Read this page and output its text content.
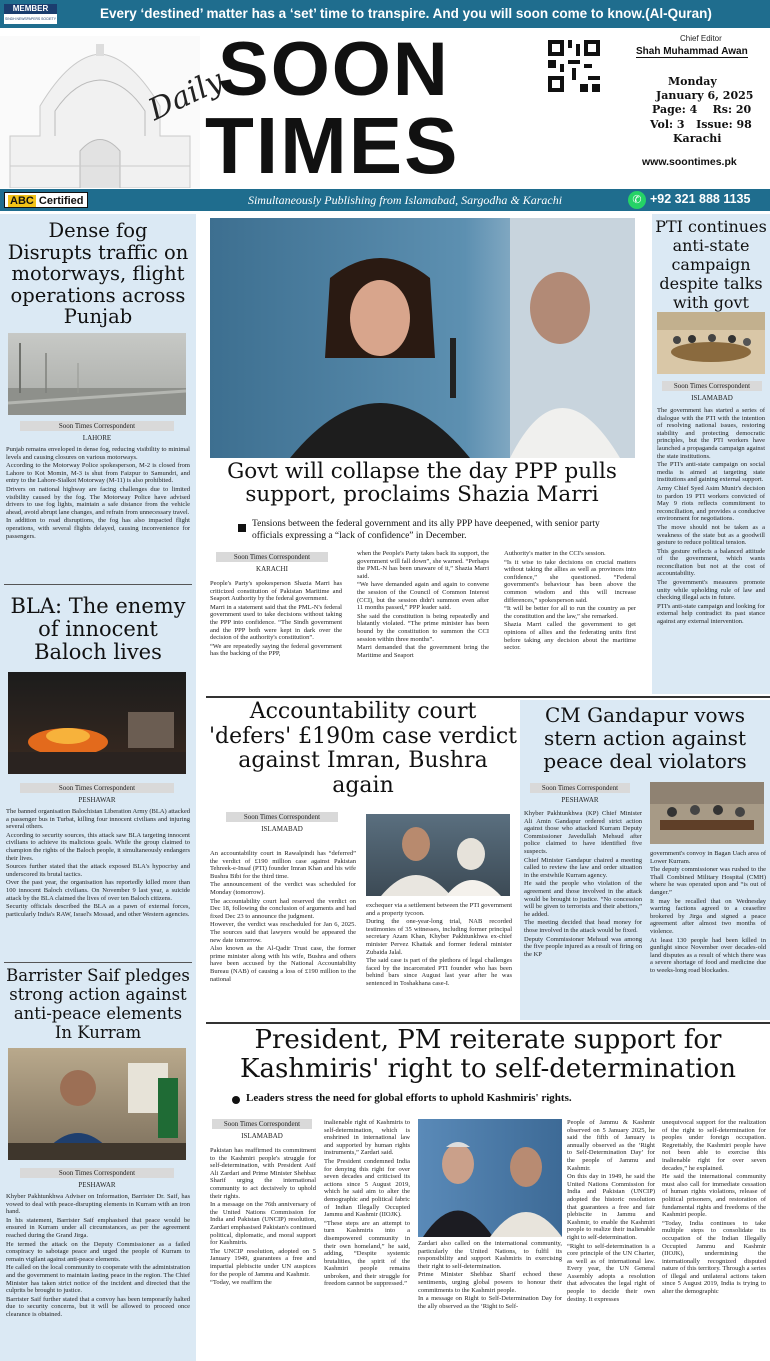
MEMBER
SINDH NEWSPAPERS SOCIETY	Every ‘destined’ matter has a ‘set’ time to transpire. And you will soon come to know.(Al-Quran)
Daily
SOON
TIMES
Chief Editor
Shah Muhammad Awan
Monday
January 6, 2025
Page: 4    Rs: 20
Vol: 3   Issue: 98
Karachi
www.soontimes.pk
ABC Certified	Simultaneously Publishing from Islamabad, Sargodha & Karachi	✆ +92 321 888 1135
Dense fog Disrupts traffic on motorways, flight operations across Punjab
Soon Times Correspondent
LAHORE

Punjab remains enveloped in dense fog, reducing visibility to minimal levels and causing closures on various motorways.

According to the Motorway Police spokesperson, M-2 is closed from Lahore to Kot Momin, M-3 is shut from Faizpur to Samundri, and entry to the Lahore-Sialkot Motorway (M-11) is also prohibited.

Drivers on national highway are facing challenges due to limited visibility caused by the fog. The Motorway Police have advised drivers to use fog lights, maintain a safe distance from the vehicle ahead, avoid abrupt lane changes, and refrain from unnecessary travel.

In addition to road disruptions, the fog has also impacted flight operations, with several flights delayed, causing inconvenience for passengers.

BLA: The enemy of innocent Baloch lives
Soon Times Correspondent
PESHAWAR

The banned organisation Balochistan Liberation Army (BLA) attacked a passenger bus in Turbat, killing four innocent civilians and injuring several others.

According to security sources, this attack saw BLA targeting innocent civilians to achieve its malicious goals. While the group claimed to champion the rights of the Baloch people, it simultaneously endangers their lives.

Sources further stated that the attack exposed BLA's hypocrisy and underscored its brutal tactics.

Over the past year, the organisation has reportedly killed more than 100 innocent Baloch civilians. On November 9 last year, a suicide attack by the BLA claimed the lives of over ten Baloch citizens.

Security officials described the BLA as a pawn of external forces, particularly India's RAW, Israel's Mossad, and other Western agencies.

Barrister Saif pledges strong action against anti-peace elements In Kurram
Soon Times Correspondent
PESHAWAR

Khyber Pakhtunkhwa Adviser on Information, Barrister Dr. Saif, has vowed to deal with peace-disrupting elements in Kurram with an iron hand.

In his statement, Barrister Saif emphasised that peace would be ensured in Kurram under all circumstances, as per the agreement reached during the Grand Jirga.

He termed the attack on the Deputy Commissioner as a failed conspiracy to sabotage peace and urged the people of Kurram to remain vigilant against anti-peace elements.

He called on the local community to cooperate with the administration and the government to maintain lasting peace in the region. The Chief Minister has taken strict notice of the incident and directed that the culprits be brought to justice.

Barrister Saif further stated that a convoy has been temporarily halted due to security concerns, but it will be allowed to proceed once clearance is obtained.

PTI continues anti-state campaign despite talks with govt
Soon Times Correspondent
ISLAMABAD

The government has started a series of dialogue with the PTI with the intention of resolving national issues, restoring stability and protecting democratic principles, but the PTI workers have launched a propaganda campaign against the state institutions.

The PTI's anti-state campaign on social media is aimed at targeting state institutions and gaining external support.

Army Chief Syed Asim Munir's decision to pardon 19 PTI workers convicted of May 9 riots reflects commitment to reconciliation, and provides a conducive environment for negotiations.

The move should not be taken as a weakness of the state but as a goodwill gesture to reduce political tension.

This gesture reflects a balanced attitude of the government, which wants reconciliation but not at the cost of accountability.

The government's measures promote unity while upholding rule of law and checking illegal acts in future.

PTI's anti-state campaign and looking for external help contradict its past stance against any external intervention.

Govt will collapse the day PPP pulls support, proclaims Shazia Marri
Tensions between the federal government and its ally PPP have deepened, with senior party officials expressing a “lack of confidence” in December.
Soon Times Correspondent
KARACHI

People's Party's spokesperson Shazia Marri has criticized constitution of Pakistan Maritime and Seaport Authority by the federal government.

Marri in a statement said that the PML-N's federal government used to take decisions without taking the PPP into confidence. “The Sindh government and the PPP both were kept in dark over the decision of the authority's constitution”.

“We are repeatedly saying the federal government has the backing of the PPP,

when the People's Party takes back its support, the government will fall down”, she warned. “Perhaps the PML-N has been unaware of it,” Shazia Marri said.

“We have demanded again and again to convene the session of the Council of Common Interest (CCI), but the session didn't summon even after 11 months passed,” PPP leader said.

She said the constitution is being repeatedly and blatantly violated. “The prime minister has been bound by the constitution to summon the CCI session within three months”.

Marri demanded that the government bring the Maritime and Seaport

Authority's matter in the CCI's session.

“Is it wise to take decisions on crucial matters without taking the allies as well as provinces into confidence,” she questioned. “Federal government's behaviour has been above the common wisdom and this will increase differences,” spokesperson said.

“It will be better for all to run the country as per the constitution and the law,” she remarked.

Shazia Marri called the government to get opinions of allies and the federating units first before taking any decision about the maritime sector.

Accountability court 'defers' £190m case verdict against Imran, Bushra again
Soon Times Correspondent
ISLAMABAD

An accountability court in Rawalpindi has “deferred” the verdict of £190 million case against Pakistan Tehreek-e-Insaf (PTI) founder Imran Khan and his wife Bushra Bibi for the third time.

The announcement of the verdict was scheduled for Monday (tomorrow).

The accountability court had reserved the verdict on Dec 18, following the conclusion of arguments and had fixed Dec 23 to announce the judgment.

However, the verdict was rescheduled for Jan 6, 2025. The sources said that lawyers would be appeared the new date tomorrow.

Also known as the Al-Qadir Trust case, the former prime minister along with his wife, Bushra and others have been accused by the National Accountability Bureau (NAB) of causing a loss of £190 million to the national

exchequer via a settlement between the PTI government and a property tycoon.

During the one-year-long trial, NAB recorded testimonies of 35 witnesses, including former principal secretary Azam Khan, Khyber Pakhtunkhwa ex-chief minister Pervez Khattak and former federal minister Zubaida Jalal.

The said case is part of the plethora of legal challenges faced by the incarcerated PTI founder who has been behind bars since August last year after he was sentenced in Toshakhana case-I.

CM Gandapur vows stern action against peace deal violators
Soon Times Correspondent
PESHAWAR

Khyber Pakhtunkhwa (KP) Chief Minister Ali Amin Gandapur ordered strict action against those who attacked Kurram Deputy Commissioner Javedullah Mehsud after police claimed to have identified five suspects.

Chief Minister Gandapur chaired a meeting called to review the law and order situation in the erstwhile Kurram agency.

He said the people who violation of the agreement and those involved in the attack would be brought to justice. “No concession will be given to terrorists and their abettors,” he added.

The meeting decided that head money for those involved in the attack would be fixed.

Deputy Commissioner Mehsud was among the five people injured as a result of firing on the KP

government's convoy in Bagan Uach area of Lower Kurram.

The deputy commissioner was rushed to the Thall Combined Military Hospital (CMH) where he was operated upon and “is out of danger.”

It may be recalled that on Wednesday warring factions agreed to a ceasefire brokered by Jirga and signed a peace agreement after almost two months of violence.

At least 130 people had been killed in gunfight since November over decades-old land disputes as a result of which there was a severe shortage of food and medicine due to weeks-long road blockades.

President, PM reiterate support for Kashmiris' right to self-determination
Leaders stress the need for global efforts to uphold Kashmiris' rights.
Soon Times Correspondent
ISLAMABAD

Pakistan has reaffirmed its commitment to the Kashmiri people's struggle for self-determination, with President Asif Ali Zardari and Prime Minister Shehbaz Sharif urging the international community to act decisively to uphold their rights.

In a message on the 76th anniversary of the United Nations Commission for India and Pakistan (UNCIP) resolution, Zardari emphasised Pakistan's continued political, diplomatic, and moral support for Kashmiris.

The UNCIP resolution, adopted on 5 January 1949, guarantees a free and impartial plebiscite under UN auspices for the people of Jammu and Kashmir.

“Today, we reaffirm the

inalienable right of Kashmiris to self-determination, which is enshrined in international law and supported by human rights instruments,” Zardari said.

The President condemned India for denying this right for over seven decades and criticised its actions since 5 August 2019, which he said aim to alter the demographic and political fabric of Indian Illegally Occupied Jammu and Kashmir (IIOJK).

“These steps are an attempt to turn Kashmiris into a disempowered community in their own homeland,” he said, adding, “Despite systemic brutalities, the spirit of the Kashmiri people remains unbroken, and their struggle for freedom cannot be suppressed.”

Zardari also called on the international community, particularly the United Nations, to fulfil its responsibility and support Kashmiris in exercising their right to self-determination.

Prime Minister Shehbaz Sharif echoed these sentiments, urging global powers to honour their commitments to the Kashmiri people.

In a message on Right to Self-Determination Day for the ally observed as the ‘Right to Self-

People of Jammu & Kashmir observed on 5 January 2025, he said the fifth of January is annually observed as the ‘Right to Self-Determination Day’ for the people of Jammu and Kashmir.

On this day in 1949, he said the United Nations Commission for India and Pakistan (UNCIP) adopted the historic resolution that guarantees a free and fair plebiscite in Jammu and Kashmir, to enable the Kashmiri people to realize their inalienable right to self-determination.

“Right to self-determination is a core principle of the UN Charter, as well as of international law. Every year, the UN General Assembly adopts a resolution that advocates the legal right of people to decide their own destiny. It expresses

unequivocal support for the realization of the right to self-determination for peoples under foreign occupation. Regrettably, the Kashmiri people have not been able to exercise this inalienable right for over seven decades,” he explained.

He said the international community must also call for immediate cessation of human rights violations, release of political prisoners, and restoration of fundamental rights and freedoms of the Kashmiri people.

“Today, India continues to take multiple steps to consolidate its occupation of the Indian Illegally Occupied Jammu and Kashmir (IIOJK), undermining the internationally recognized disputed nature of this territory. Through a series of illegal and unilateral actions taken since 5 August 2019, India is trying to alter the demographic
